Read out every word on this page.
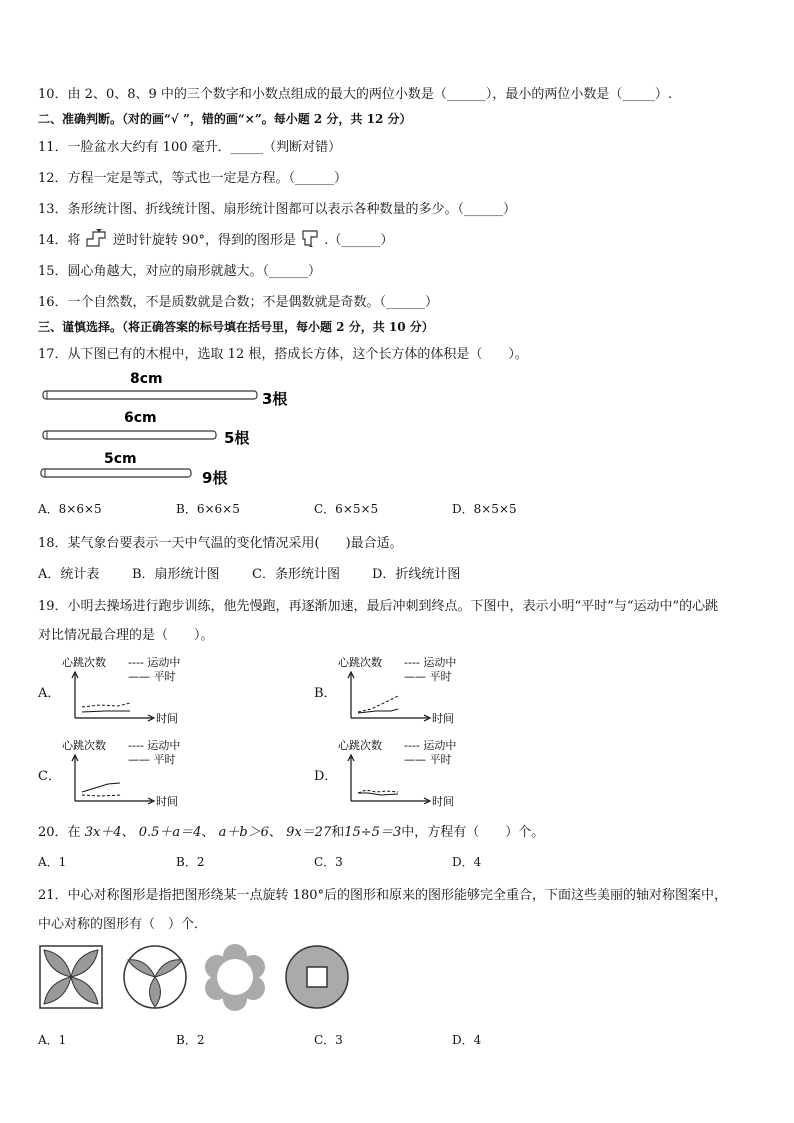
10．由 2、0、8、9 中的三个数字和小数点组成的最大的两位小数是（______），最小的两位小数是（_____）.
二、准确判断。（对的画“√ ”，错的画“×”。每小题 2 分，共 12 分）
11．一脸盆水大约有 100 毫升．_____（判断对错）
12．方程一定是等式，等式也一定是方程。（______）
13．条形统计图、折线统计图、扇形统计图都可以表示各种数量的多少。（______）
14．将 逆时针旋转 90°，得到的图形是 .（______）
15．圆心角越大，对应的扇形就越大。（______）
16．一个自然数，不是质数就是合数；不是偶数就是奇数。（______）
三、谨慎选择。（将正确答案的标号填在括号里，每小题 2 分，共 10 分）
17．从下图已有的木棍中，选取 12 根，搭成长方体，这个长方体的体积是（　　）。
8cm
3根
6cm
5根
5cm
9根
A．8×6×5	B．6×6×5	C．6×5×5	D．8×5×5
18．某气象台要表示一天中气温的变化情况采用(　　)最合适。
A．统计表	B．扇形统计图 C．条形统计图 D．折线统计图
19．小明去操场进行跑步训练，他先慢跑，再逐渐加速，最后冲刺到终点。下图中，表示小明“平时”与“运动中”的心跳
对比情况最合理的是（　　）。
A．
心跳次数 ---- 运动中
—— 平时
时间
B．
心跳次数 ---- 运动中
—— 平时
时间
C．
心跳次数 ---- 运动中
—— 平时
时间
D．
心跳次数 ---- 运动中
—— 平时
时间
20．在 3x＋4、 0.5＋a＝4、 a＋b＞6、 9x＝27和15÷5＝3中，方程有（　　）个。
A．1	B．2	C．3	D．4
21．中心对称图形是指把图形绕某一点旋转 180°后的图形和原来的图形能够完全重合，下面这些美丽的轴对称图案中，
中心对称的图形有（　）个．
A．1	B．2	C．3	D．4
